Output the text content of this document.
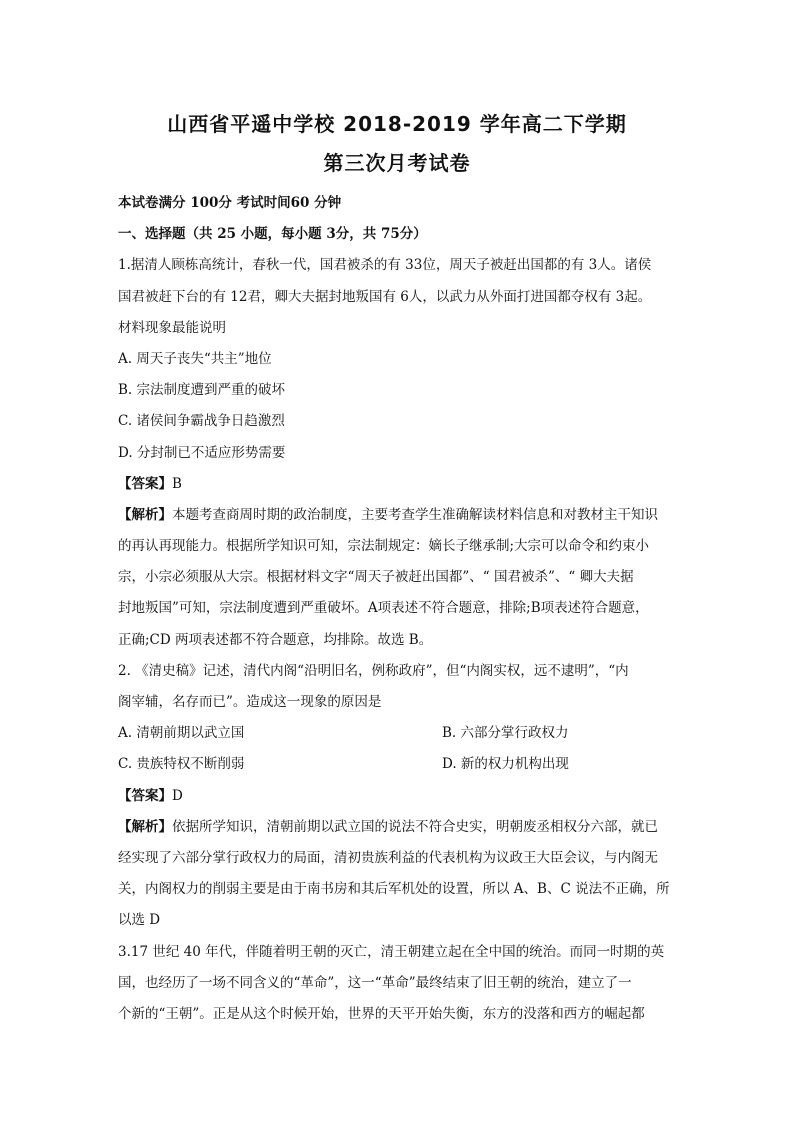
山西省平遥中学校 2018-2019 学年高二下学期
第三次月考试卷
本试卷满分 100分 考试时间60 分钟
一、选择题（共 25 小题，每小题 3分，共 75分）
1.据清人顾栋高统计，春秋一代，国君被杀的有 33位，周天子被赶出国都的有 3人。诸侯
国君被赶下台的有 12君，卿大夫据封地叛国有 6人，以武力从外面打进国都夺权有 3起。
材料现象最能说明
A. 周天子丧失“共主”地位
B. 宗法制度遭到严重的破坏
C. 诸侯间争霸战争日趋激烈
D. 分封制已不适应形势需要
【答案】B
【解析】本题考查商周时期的政治制度，主要考查学生准确解读材料信息和对教材主干知识
的再认再现能力。根据所学知识可知，宗法制规定：嫡长子继承制;大宗可以命令和约束小
宗，小宗必须服从大宗。根据材料文字“周天子被赶出国都”、“ 国君被杀”、“ 卿大夫据
封地叛国”可知，宗法制度遭到严重破坏。A项表述不符合题意，排除;B项表述符合题意，
正确;CD 两项表述都不符合题意，均排除。故选 B。
2. 《清史稿》记述，清代内阁“沿明旧名，例称政府”，但“内阁实权，远不逮明”，“内
阁宰辅，名存而已”。造成这一现象的原因是
A. 清朝前期以武立国	B. 六部分掌行政权力
C. 贵族特权不断削弱	D. 新的权力机构出现
【答案】D
【解析】依据所学知识，清朝前期以武立国的说法不符合史实，明朝废丞相权分六部，就已
经实现了六部分掌行政权力的局面，清初贵族利益的代表机构为议政王大臣会议，与内阁无
关，内阁权力的削弱主要是由于南书房和其后军机处的设置，所以 A、B、C 说法不正确，所
以选 D
3.17 世纪 40 年代，伴随着明王朝的灭亡，清王朝建立起在全中国的统治。而同一时期的英
国，也经历了一场不同含义的“革命”，这一“革命”最终结束了旧王朝的统治，建立了一
个新的“王朝”。正是从这个时候开始，世界的天平开始失衡，东方的没落和西方的崛起都
